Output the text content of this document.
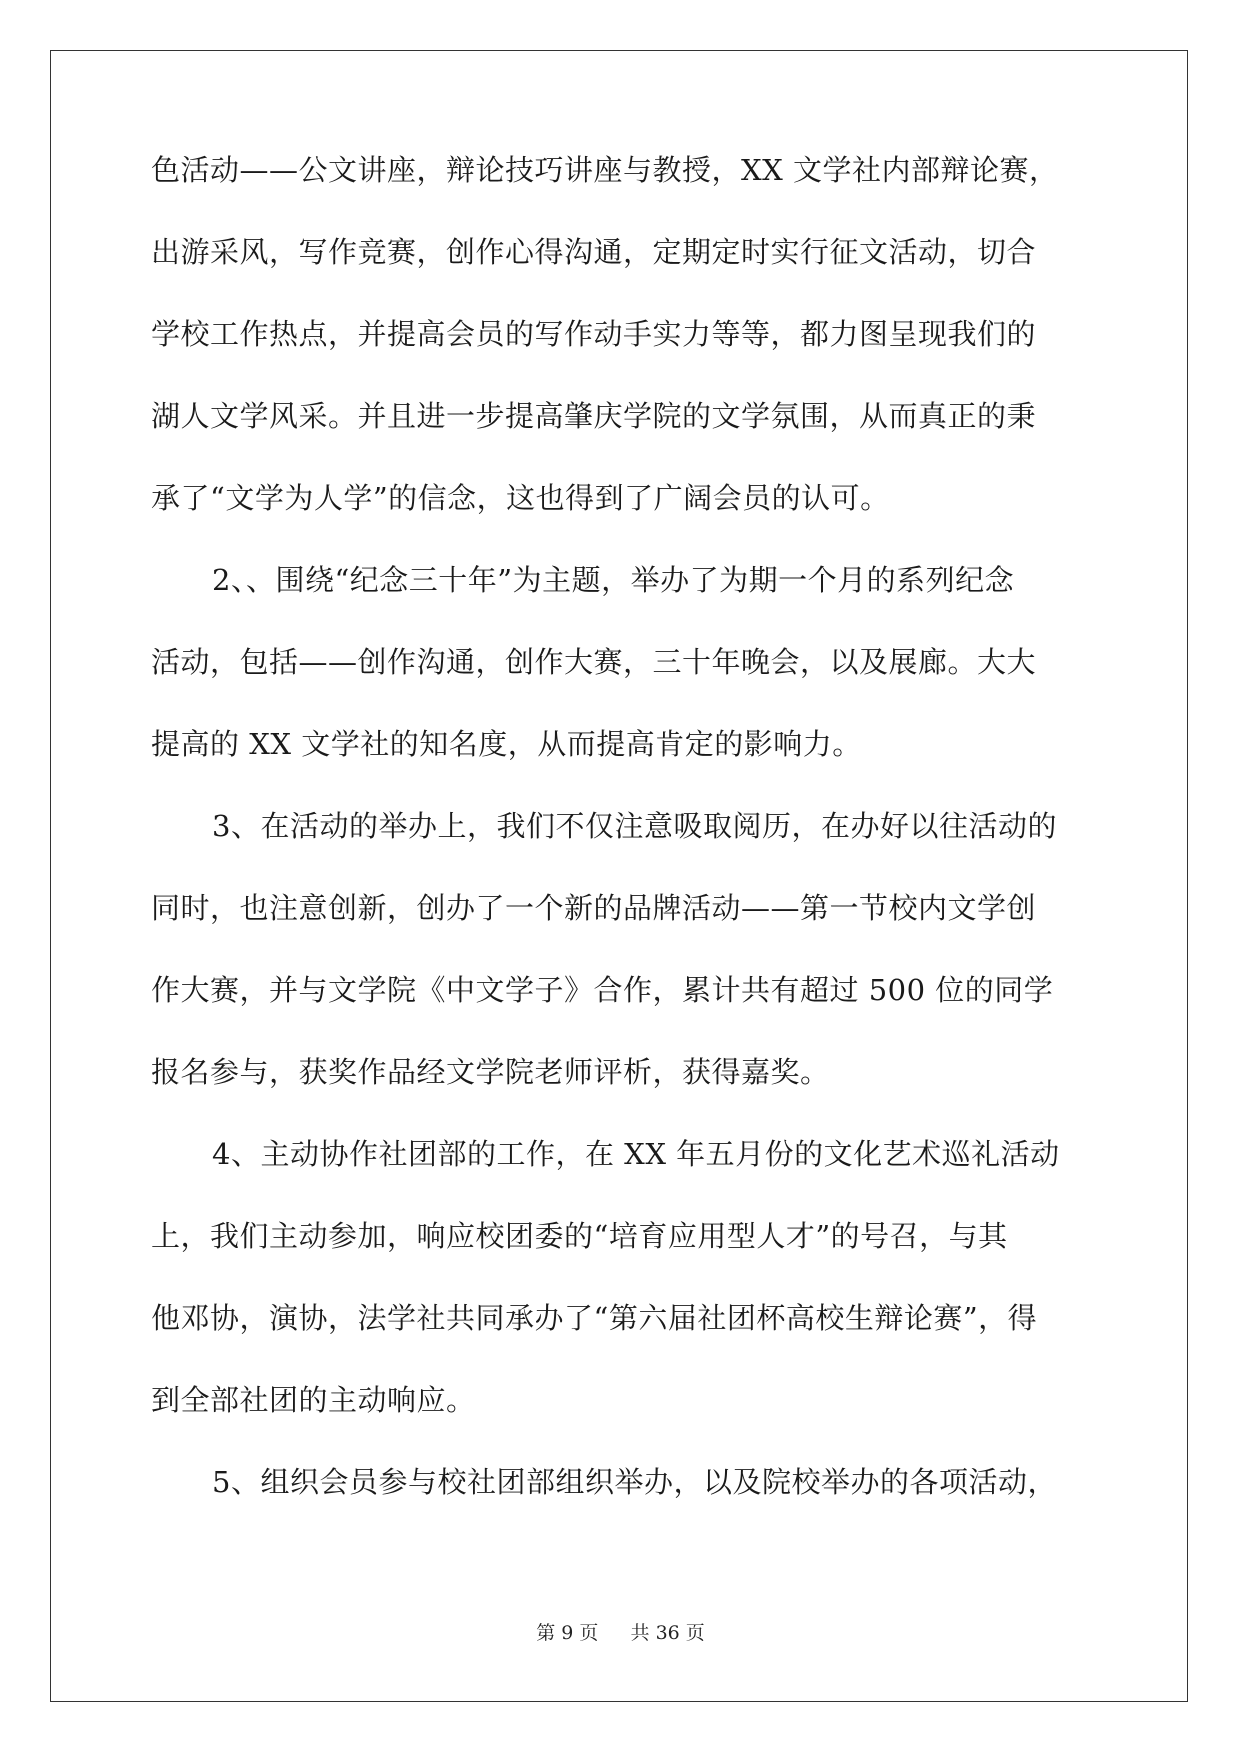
色活动——公文讲座，辩论技巧讲座与教授，XX 文学社内部辩论赛，
出游采风，写作竞赛，创作心得沟通，定期定时实行征文活动，切合
学校工作热点，并提高会员的写作动手实力等等，都力图呈现我们的
湖人文学风采。并且进一步提高肇庆学院的文学氛围，从而真正的秉
承了“文学为人学”的信念，这也得到了广阔会员的认可。
2、、围绕“纪念三十年”为主题，举办了为期一个月的系列纪念
活动，包括——创作沟通，创作大赛，三十年晚会，以及展廊。大大
提高的 XX 文学社的知名度，从而提高肯定的影响力。
3、在活动的举办上，我们不仅注意吸取阅历，在办好以往活动的
同时，也注意创新，创办了一个新的品牌活动——第一节校内文学创
作大赛，并与文学院《中文学子》合作，累计共有超过 500 位的同学
报名参与，获奖作品经文学院老师评析，获得嘉奖。
4、主动协作社团部的工作，在 XX 年五月份的文化艺术巡礼活动
上，我们主动参加，响应校团委的“培育应用型人才”的号召，与其
他邓协，演协，法学社共同承办了“第六届社团杯高校生辩论赛”，得
到全部社团的主动响应。
5、组织会员参与校社团部组织举办，以及院校举办的各项活动，
第 9 页 共 36 页
